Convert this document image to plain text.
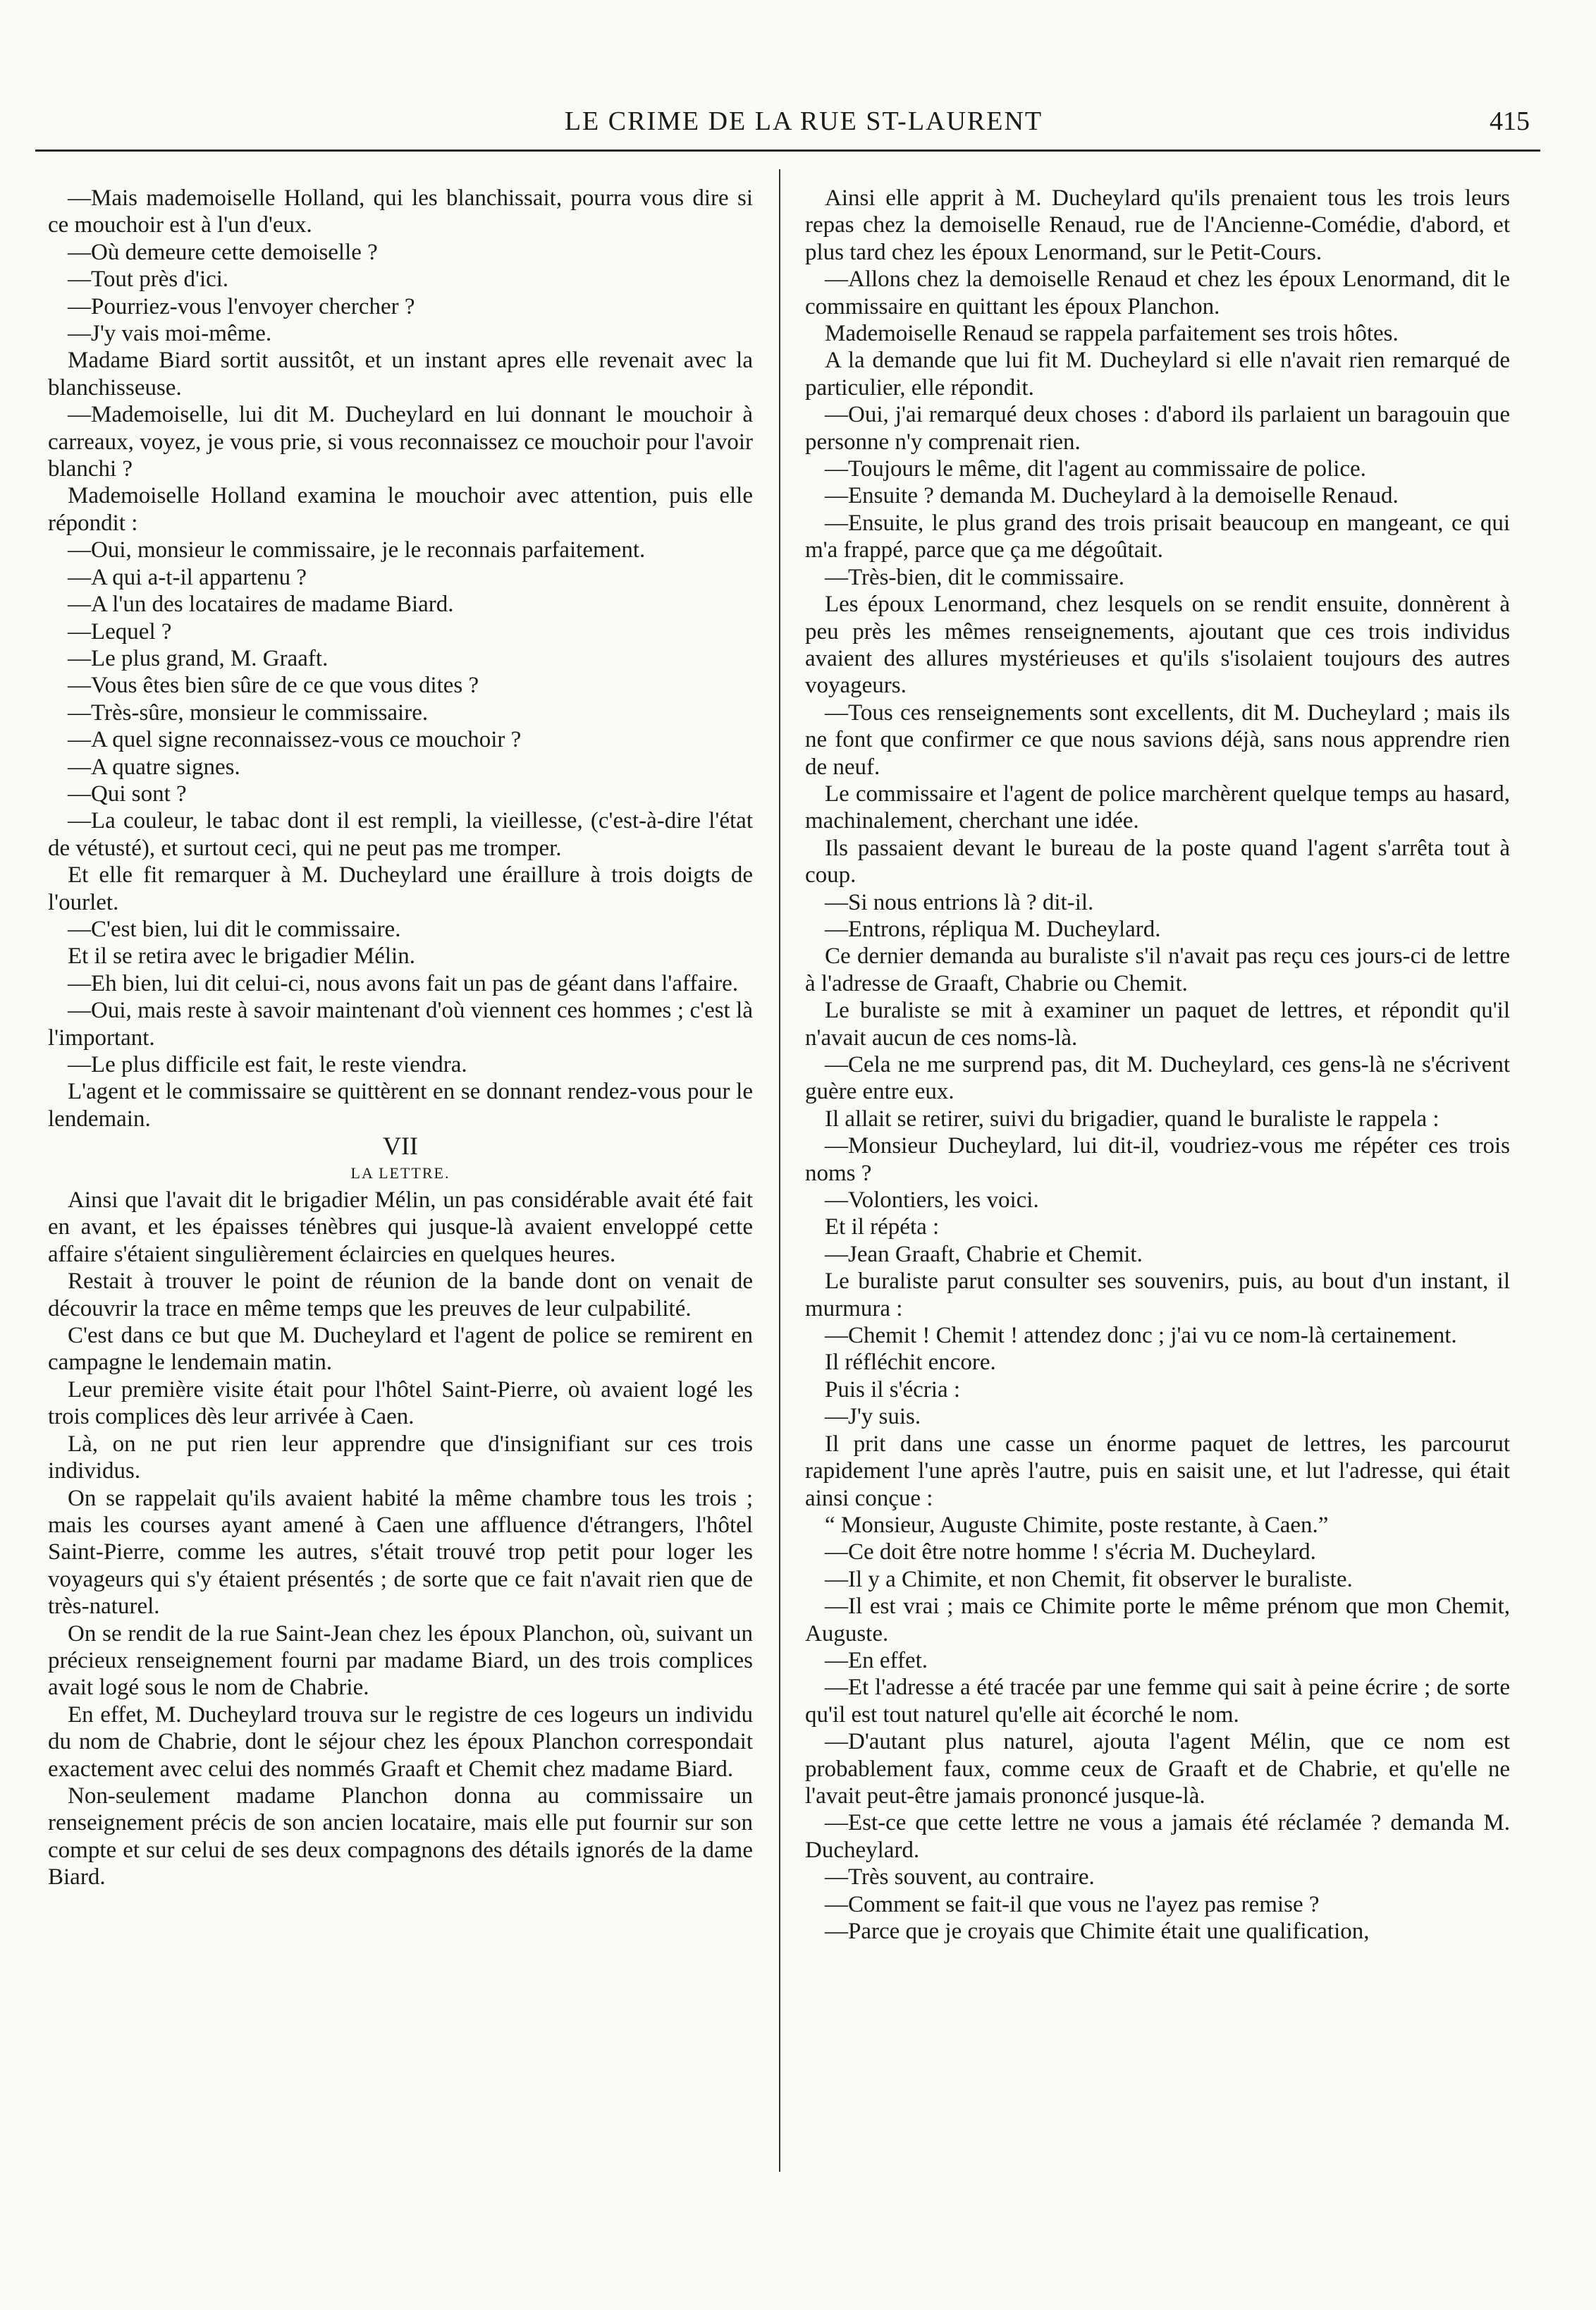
LE CRIME DE LA RUE ST-LAURENT	415

—Mais mademoiselle Holland, qui les blanchissait, pourra vous dire si ce mouchoir est à l'un d'eux.

—Où demeure cette demoiselle ?

—Tout près d'ici.

—Pourriez-vous l'envoyer chercher ?

—J'y vais moi-même.

Madame Biard sortit aussitôt, et un instant apres elle revenait avec la blanchisseuse.

—Mademoiselle, lui dit M. Ducheylard en lui donnant le mouchoir à carreaux, voyez, je vous prie, si vous reconnaissez ce mouchoir pour l'avoir blanchi ?

Mademoiselle Holland examina le mouchoir avec attention, puis elle répondit :

—Oui, monsieur le commissaire, je le reconnais parfaitement.

—A qui a-t-il appartenu ?

—A l'un des locataires de madame Biard.

—Lequel ?

—Le plus grand, M. Graaft.

—Vous êtes bien sûre de ce que vous dites ?

—Très-sûre, monsieur le commissaire.

—A quel signe reconnaissez-vous ce mouchoir ?

—A quatre signes.

—Qui sont ?

—La couleur, le tabac dont il est rempli, la vieillesse, (c'est-à-dire l'état de vétusté), et surtout ceci, qui ne peut pas me tromper.

Et elle fit remarquer à M. Ducheylard une éraillure à trois doigts de l'ourlet.

—C'est bien, lui dit le commissaire.

Et il se retira avec le brigadier Mélin.

—Eh bien, lui dit celui-ci, nous avons fait un pas de géant dans l'affaire.

—Oui, mais reste à savoir maintenant d'où viennent ces hommes ; c'est là l'important.

—Le plus difficile est fait, le reste viendra.

L'agent et le commissaire se quittèrent en se donnant rendez-vous pour le lendemain.

VII

LA LETTRE.

Ainsi que l'avait dit le brigadier Mélin, un pas considérable avait été fait en avant, et les épaisses ténèbres qui jusque-là avaient enveloppé cette affaire s'étaient singulièrement éclaircies en quelques heures.

Restait à trouver le point de réunion de la bande dont on venait de découvrir la trace en même temps que les preuves de leur culpabilité.

C'est dans ce but que M. Ducheylard et l'agent de police se remirent en campagne le lendemain matin.

Leur première visite était pour l'hôtel Saint-Pierre, où avaient logé les trois complices dès leur arrivée à Caen.

Là, on ne put rien leur apprendre que d'insignifiant sur ces trois individus.

On se rappelait qu'ils avaient habité la même chambre tous les trois ; mais les courses ayant amené à Caen une affluence d'étrangers, l'hôtel Saint-Pierre, comme les autres, s'était trouvé trop petit pour loger les voyageurs qui s'y étaient présentés ; de sorte que ce fait n'avait rien que de très-naturel.

On se rendit de la rue Saint-Jean chez les époux Planchon, où, suivant un précieux renseignement fourni par madame Biard, un des trois complices avait logé sous le nom de Chabrie.

En effet, M. Ducheylard trouva sur le registre de ces logeurs un individu du nom de Chabrie, dont le séjour chez les époux Planchon correspondait exactement avec celui des nommés Graaft et Chemit chez madame Biard.

Non-seulement madame Planchon donna au commissaire un renseignement précis de son ancien locataire, mais elle put fournir sur son compte et sur celui de ses deux compagnons des détails ignorés de la dame Biard.

Ainsi elle apprit à M. Ducheylard qu'ils prenaient tous les trois leurs repas chez la demoiselle Renaud, rue de l'Ancienne-Comédie, d'abord, et plus tard chez les époux Lenormand, sur le Petit-Cours.

—Allons chez la demoiselle Renaud et chez les époux Lenormand, dit le commissaire en quittant les époux Planchon.

Mademoiselle Renaud se rappela parfaitement ses trois hôtes.

A la demande que lui fit M. Ducheylard si elle n'avait rien remarqué de particulier, elle répondit.

—Oui, j'ai remarqué deux choses : d'abord ils parlaient un baragouin que personne n'y comprenait rien.

—Toujours le même, dit l'agent au commissaire de police.

—Ensuite ? demanda M. Ducheylard à la demoiselle Renaud.

—Ensuite, le plus grand des trois prisait beaucoup en mangeant, ce qui m'a frappé, parce que ça me dégoûtait.

—Très-bien, dit le commissaire.

Les époux Lenormand, chez lesquels on se rendit ensuite, donnèrent à peu près les mêmes renseignements, ajoutant que ces trois individus avaient des allures mystérieuses et qu'ils s'isolaient toujours des autres voyageurs.

—Tous ces renseignements sont excellents, dit M. Ducheylard ; mais ils ne font que confirmer ce que nous savions déjà, sans nous apprendre rien de neuf.

Le commissaire et l'agent de police marchèrent quelque temps au hasard, machinalement, cherchant une idée.

Ils passaient devant le bureau de la poste quand l'agent s'arrêta tout à coup.

—Si nous entrions là ? dit-il.

—Entrons, répliqua M. Ducheylard.

Ce dernier demanda au buraliste s'il n'avait pas reçu ces jours-ci de lettre à l'adresse de Graaft, Chabrie ou Chemit.

Le buraliste se mit à examiner un paquet de lettres, et répondit qu'il n'avait aucun de ces noms-là.

—Cela ne me surprend pas, dit M. Ducheylard, ces gens-là ne s'écrivent guère entre eux.

Il allait se retirer, suivi du brigadier, quand le buraliste le rappela :

—Monsieur Ducheylard, lui dit-il, voudriez-vous me répéter ces trois noms ?

—Volontiers, les voici.

Et il répéta :

—Jean Graaft, Chabrie et Chemit.

Le buraliste parut consulter ses souvenirs, puis, au bout d'un instant, il murmura :

—Chemit ! Chemit ! attendez donc ; j'ai vu ce nom-là certainement.

Il réfléchit encore.

Puis il s'écria :

—J'y suis.

Il prit dans une casse un énorme paquet de lettres, les parcourut rapidement l'une après l'autre, puis en saisit une, et lut l'adresse, qui était ainsi conçue :

“ Monsieur, Auguste Chimite, poste restante, à Caen.”

—Ce doit être notre homme ! s'écria M. Ducheylard.

—Il y a Chimite, et non Chemit, fit observer le buraliste.

—Il est vrai ; mais ce Chimite porte le même prénom que mon Chemit, Auguste.

—En effet.

—Et l'adresse a été tracée par une femme qui sait à peine écrire ; de sorte qu'il est tout naturel qu'elle ait écorché le nom.

—D'autant plus naturel, ajouta l'agent Mélin, que ce nom est probablement faux, comme ceux de Graaft et de Chabrie, et qu'elle ne l'avait peut-être jamais prononcé jusque-là.

—Est-ce que cette lettre ne vous a jamais été réclamée ? demanda M. Ducheylard.

—Très souvent, au contraire.

—Comment se fait-il que vous ne l'ayez pas remise ?

—Parce que je croyais que Chimite était une qualification,
